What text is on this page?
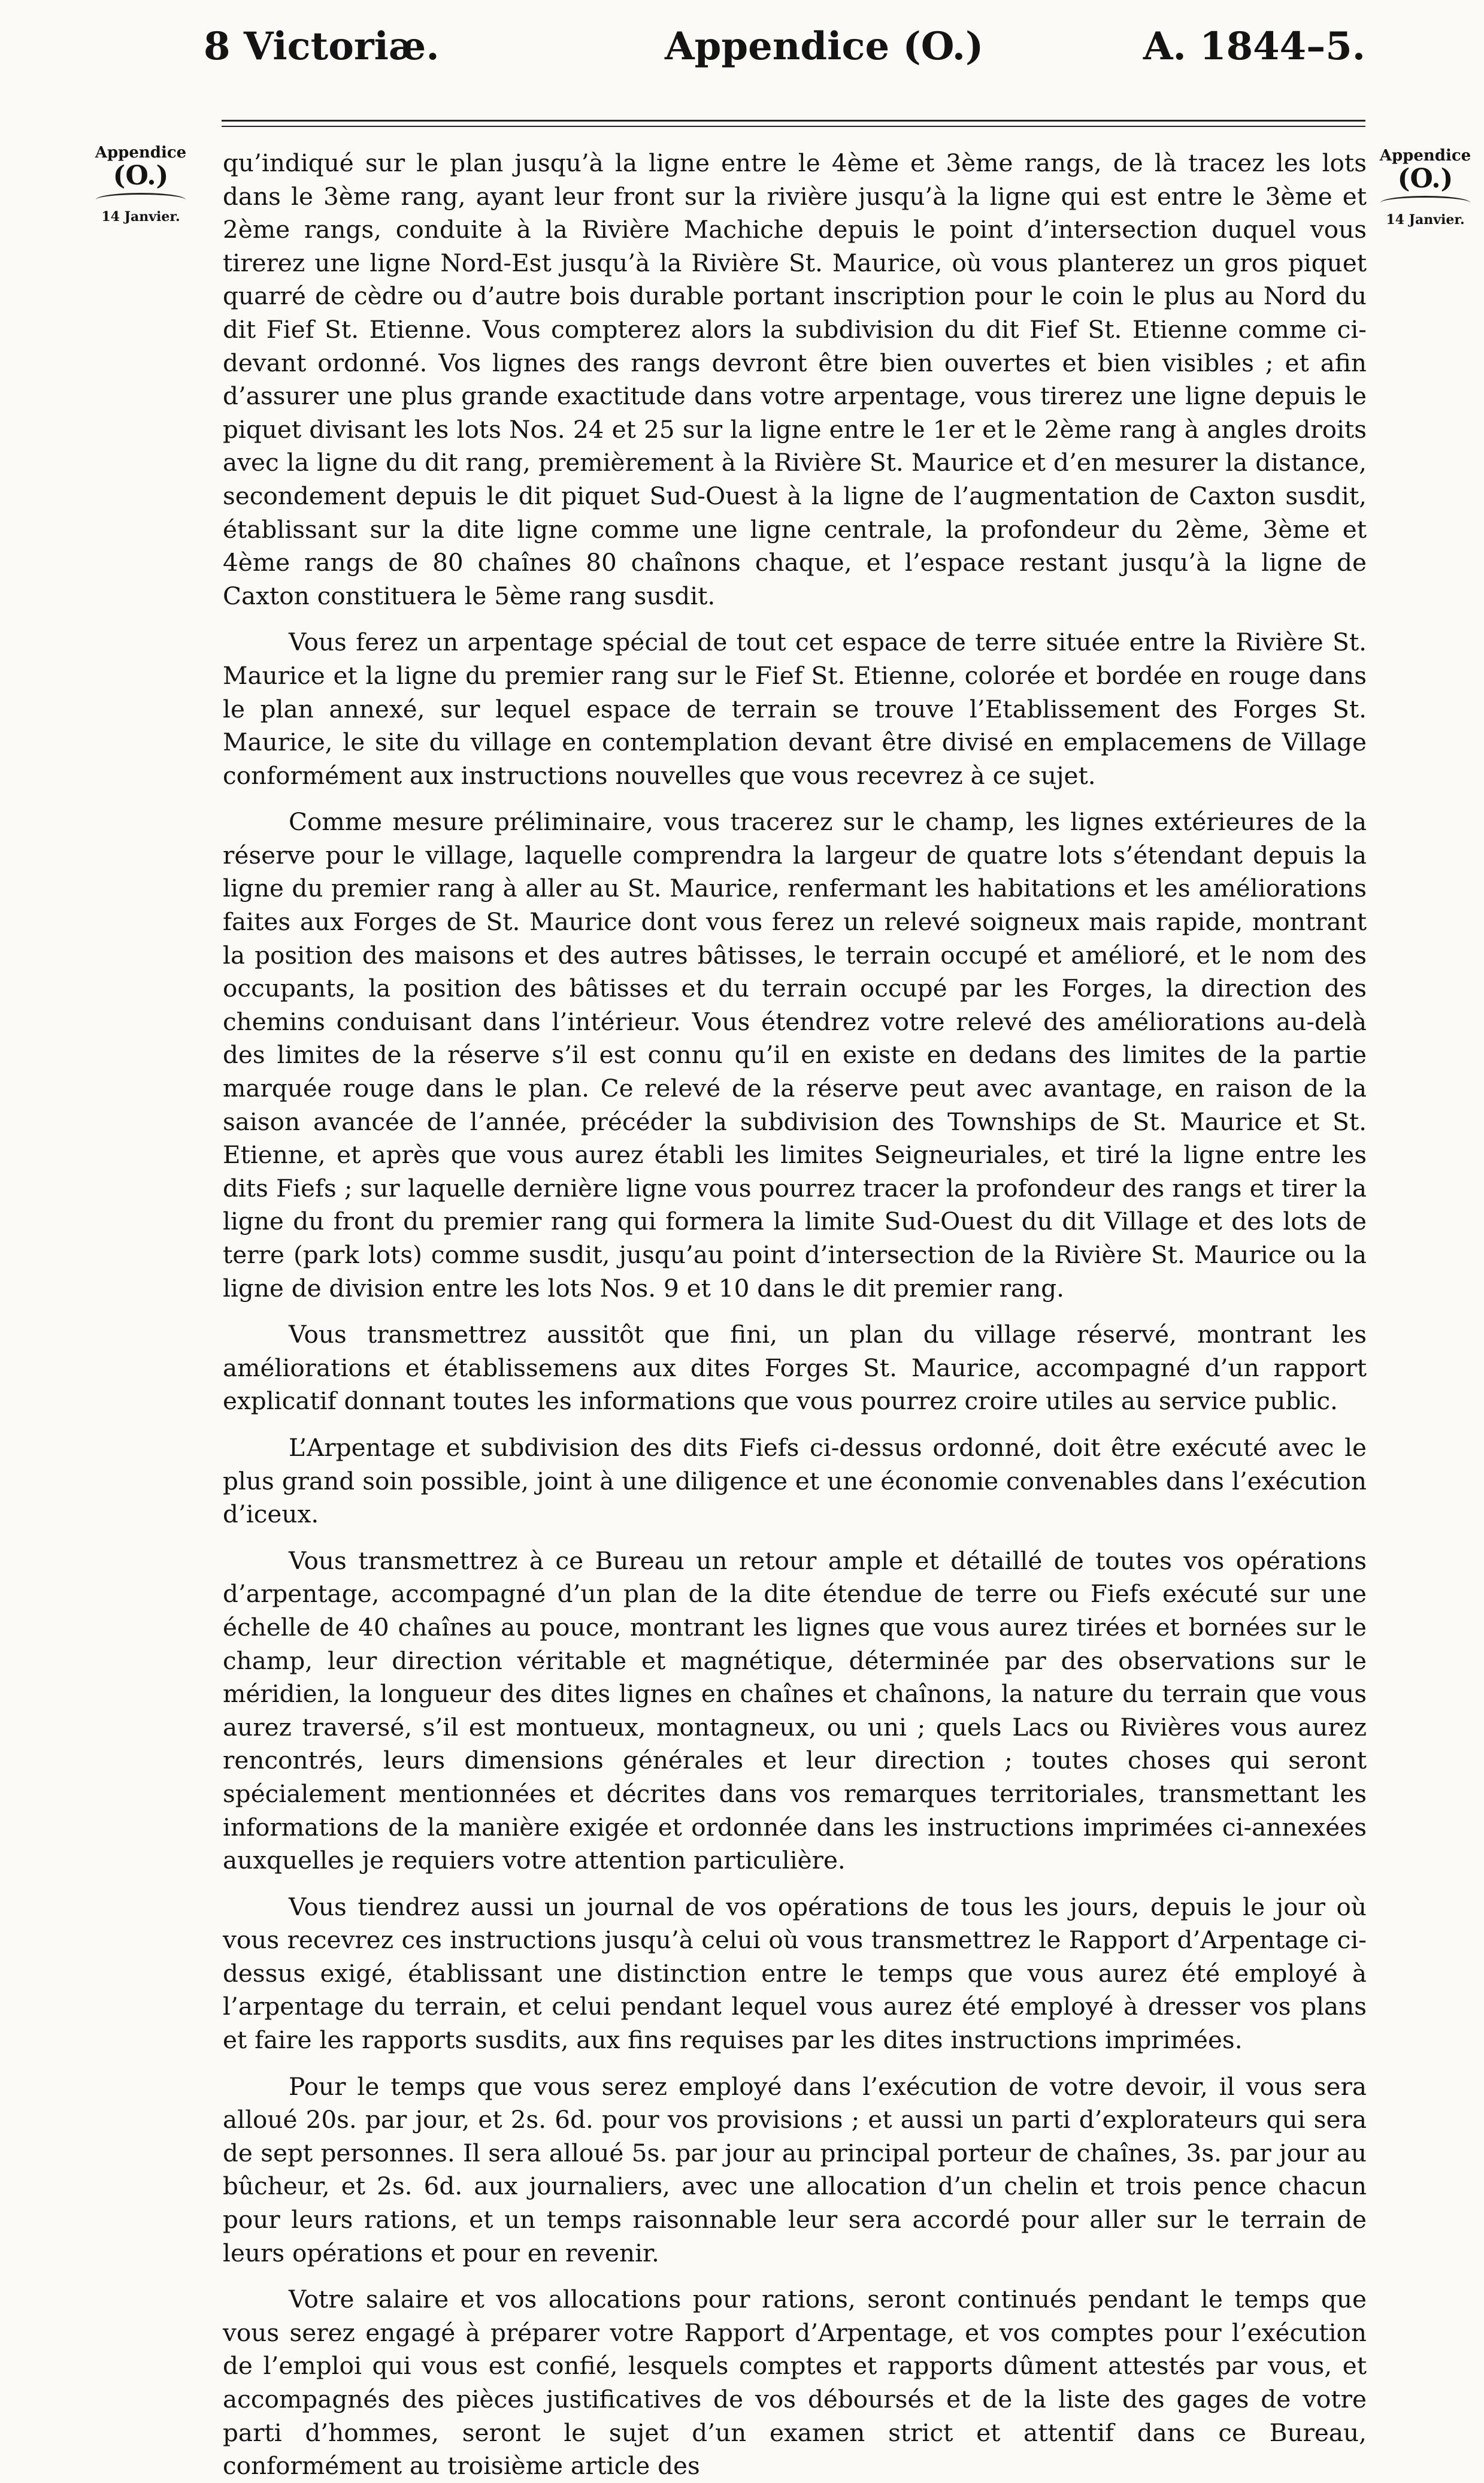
8 Victoriæ.	Appendice (O.)	A. 1844–5.
Appendice
(O.)
14 Janvier.
Appendice
(O.)
14 Janvier.

qu’indiqué sur le plan jusqu’à la ligne entre le 4ème et 3ème rangs, de là tracez les lots dans le 3ème rang, ayant leur front sur la rivière jusqu’à la ligne qui est entre le 3ème et 2ème rangs, conduite à la Rivière Machiche depuis le point d’intersection duquel vous tirerez une ligne Nord-Est jusqu’à la Rivière St. Maurice, où vous planterez un gros piquet quarré de cèdre ou d’autre bois durable portant inscription pour le coin le plus au Nord du dit Fief St. Etienne. Vous compterez alors la subdivision du dit Fief St. Etienne comme ci-devant ordonné. Vos lignes des rangs devront être bien ouvertes et bien visibles ; et afin d’assurer une plus grande exactitude dans votre arpentage, vous tirerez une ligne depuis le piquet divisant les lots Nos. 24 et 25 sur la ligne entre le 1er et le 2ème rang à angles droits avec la ligne du dit rang, premièrement à la Rivière St. Maurice et d’en mesurer la distance, secondement depuis le dit piquet Sud-Ouest à la ligne de l’augmentation de Caxton susdit, établissant sur la dite ligne comme une ligne centrale, la profondeur du 2ème, 3ème et 4ème rangs de 80 chaînes 80 chaînons chaque, et l’espace restant jusqu’à la ligne de Caxton constituera le 5ème rang susdit.

Vous ferez un arpentage spécial de tout cet espace de terre située entre la Rivière St. Maurice et la ligne du premier rang sur le Fief St. Etienne, colorée et bordée en rouge dans le plan annexé, sur lequel espace de terrain se trouve l’Etablissement des Forges St. Maurice, le site du village en contemplation devant être divisé en emplacemens de Village conformément aux instructions nouvelles que vous recevrez à ce sujet.

Comme mesure préliminaire, vous tracerez sur le champ, les lignes extérieures de la réserve pour le village, laquelle comprendra la largeur de quatre lots s’étendant depuis la ligne du premier rang à aller au St. Maurice, renfermant les habitations et les améliorations faites aux Forges de St. Maurice dont vous ferez un relevé soigneux mais rapide, montrant la position des maisons et des autres bâtisses, le terrain occupé et amélioré, et le nom des occupants, la position des bâtisses et du terrain occupé par les Forges, la direction des chemins conduisant dans l’intérieur. Vous étendrez votre relevé des améliorations au-delà des limites de la réserve s’il est connu qu’il en existe en dedans des limites de la partie marquée rouge dans le plan. Ce relevé de la réserve peut avec avantage, en raison de la saison avancée de l’année, précéder la subdivision des Townships de St. Maurice et St. Etienne, et après que vous aurez établi les limites Seigneuriales, et tiré la ligne entre les dits Fiefs ; sur laquelle dernière ligne vous pourrez tracer la profondeur des rangs et tirer la ligne du front du premier rang qui formera la limite Sud-Ouest du dit Village et des lots de terre (park lots) comme susdit, jusqu’au point d’intersection de la Rivière St. Maurice ou la ligne de division entre les lots Nos. 9 et 10 dans le dit premier rang.

Vous transmettrez aussitôt que fini, un plan du village réservé, montrant les améliorations et établissemens aux dites Forges St. Maurice, accompagné d’un rapport explicatif donnant toutes les informations que vous pourrez croire utiles au service public.

L’Arpentage et subdivision des dits Fiefs ci-dessus ordonné, doit être exécuté avec le plus grand soin possible, joint à une diligence et une économie convenables dans l’exécution d’iceux.

Vous transmettrez à ce Bureau un retour ample et détaillé de toutes vos opérations d’arpentage, accompagné d’un plan de la dite étendue de terre ou Fiefs exécuté sur une échelle de 40 chaînes au pouce, montrant les lignes que vous aurez tirées et bornées sur le champ, leur direction véritable et magnétique, déterminée par des observations sur le méridien, la longueur des dites lignes en chaînes et chaînons, la nature du terrain que vous aurez traversé, s’il est montueux, montagneux, ou uni ; quels Lacs ou Rivières vous aurez rencontrés, leurs dimensions générales et leur direction ; toutes choses qui seront spécialement mentionnées et décrites dans vos remarques territoriales, transmettant les informations de la manière exigée et ordonnée dans les instructions imprimées ci-annexées auxquelles je requiers votre attention particulière.

Vous tiendrez aussi un journal de vos opérations de tous les jours, depuis le jour où vous recevrez ces instructions jusqu’à celui où vous transmettrez le Rapport d’Arpentage ci-dessus exigé, établissant une distinction entre le temps que vous aurez été employé à l’arpentage du terrain, et celui pendant lequel vous aurez été employé à dresser vos plans et faire les rapports susdits, aux fins requises par les dites instructions imprimées.

Pour le temps que vous serez employé dans l’exécution de votre devoir, il vous sera alloué 20s. par jour, et 2s. 6d. pour vos provisions ; et aussi un parti d’explorateurs qui sera de sept personnes. Il sera alloué 5s. par jour au principal porteur de chaînes, 3s. par jour au bûcheur, et 2s. 6d. aux journaliers, avec une allocation d’un chelin et trois pence chacun pour leurs rations, et un temps raisonnable leur sera accordé pour aller sur le terrain de leurs opérations et pour en revenir.

Votre salaire et vos allocations pour rations, seront continués pendant le temps que vous serez engagé à préparer votre Rapport d’Arpentage, et vos comptes pour l’exécution de l’emploi qui vous est confié, lesquels comptes et rapports dûment attestés par vous, et accompagnés des pièces justificatives de vos déboursés et de la liste des gages de votre parti d’hommes, seront le sujet d’un examen strict et attentif dans ce Bureau, conformément au troisième article des
